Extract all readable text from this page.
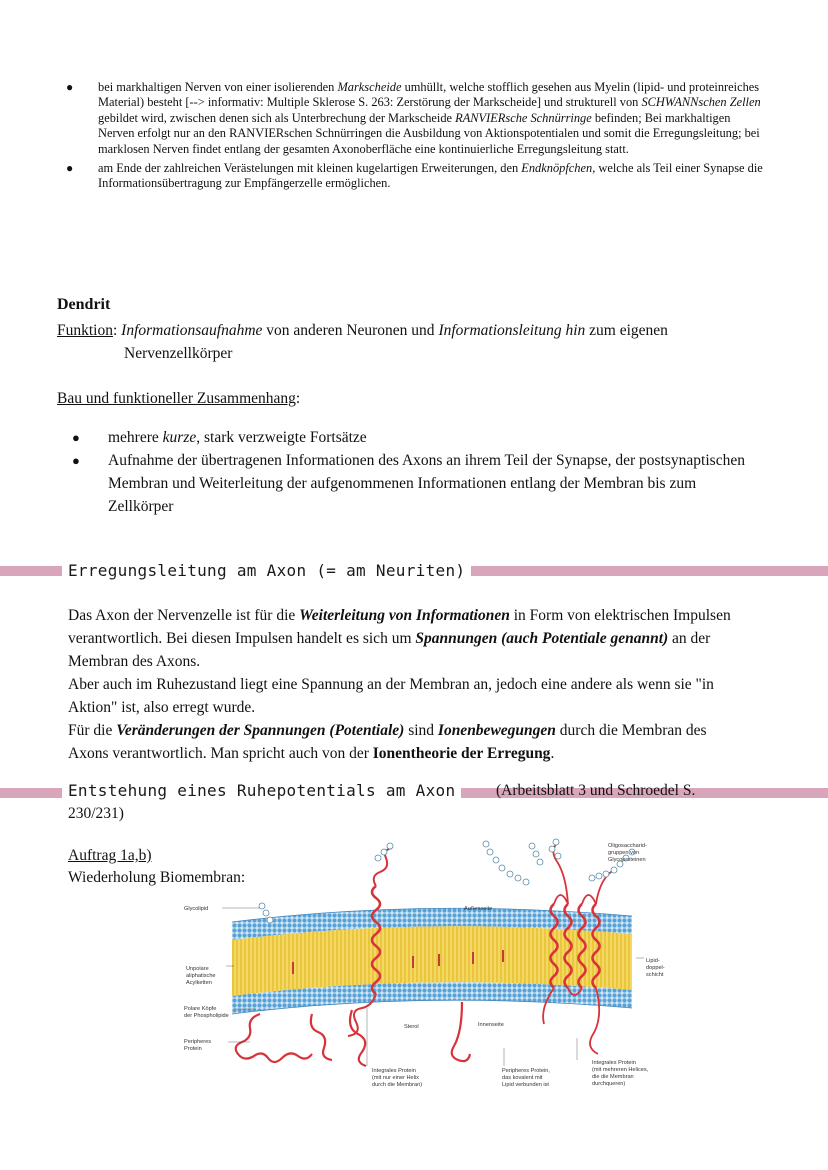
● bei markhaltigen Nerven von einer isolierenden Markscheide umhüllt, welche stofflich gesehen aus Myelin (lipid- und proteinreiches Material) besteht [--> informativ: Multiple Sklerose S. 263: Zerstörung der Markscheide] und strukturell von SCHWANNschen Zellen gebildet wird, zwischen denen sich als Unterbrechung der Markscheide RANVIERsche Schnürringe befinden; Bei markhaltigen Nerven erfolgt nur an den RANVIERschen Schnürringen die Ausbildung von Aktionspotentialen und somit die Erregungsleitung; bei marklosen Nerven findet entlang der gesamten Axonoberfläche eine kontinuierliche Erregungsleitung statt.
● am Ende der zahlreichen Verästelungen mit kleinen kugelartigen Erweiterungen, den Endknöpfchen, welche als Teil einer Synapse die Informationsübertragung zur Empfängerzelle ermöglichen.
Dendrit
Funktion: Informationsaufnahme von anderen Neuronen und Informationsleitung hin zum eigenen
Nervenzellkörper
Bau und funktioneller Zusammenhang:
● mehrere kurze, stark verzweigte Fortsätze
● Aufnahme der übertragenen Informationen des Axons an ihrem Teil der Synapse, der postsynaptischen Membran und Weiterleitung der aufgenommenen Informationen entlang der Membran bis zum Zellkörper
Erregungsleitung am Axon (= am Neuriten)
Das Axon der Nervenzelle ist für die Weiterleitung von Informationen in Form von elektrischen Impulsen verantwortlich. Bei diesen Impulsen handelt es sich um Spannungen (auch Potentiale genannt) an der Membran des Axons.
Aber auch im Ruhezustand liegt eine Spannung an der Membran an, jedoch eine andere als wenn sie "in Aktion" ist, also erregt wurde.
Für die Veränderungen der Spannungen (Potentiale) sind Ionenbewegungen durch die Membran des Axons verantwortlich. Man spricht auch von der Ionentheorie der Erregung.
Entstehung eines Ruhepotentials am Axon	(Arbeitsblatt 3 und Schroedel S.
230/231)
Auftrag 1a,b)
Wiederholung Biomembran:
Glycolipid	Außenseite
Oligosaccharid-
gruppen von
Glycoproteinen
Unpolare
aliphatische
Acylketten
Lipid-
doppel-
schicht
Polare Köpfe
der Phospholipide
Sterol	Innenseite
Peripheres
Protein
Integrales Protein
(mit nur einer Helix
durch die Membran)
Peripheres Protein,
das kovalent mit
Lipid verbunden ist
Integrales Protein
(mit mehreren Helices,
die die Membran
durchqueren)
